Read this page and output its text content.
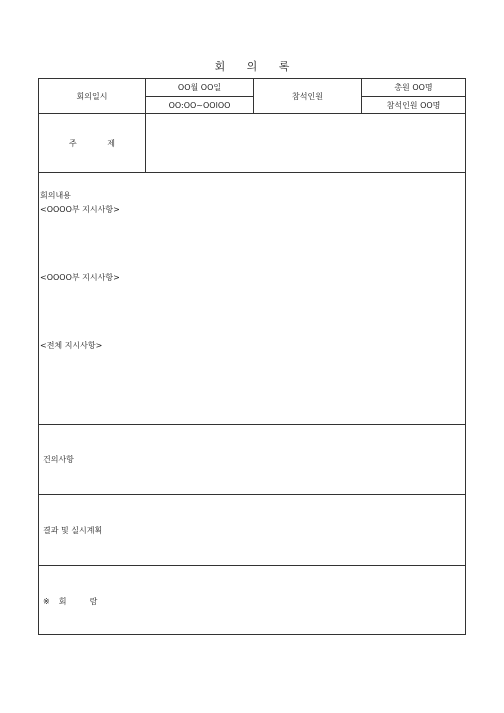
회 의 록
회의일시
OO월 OO일
OO:OO~OOlOO
참석인원
총원 OO명
참석인원 OO명
주 제
회의내용
<OOOO부 지시사항>
<OOOO부 지시사항>
<전체 지시사항>
건의사항
결과 및 실시계획
※ 회	람
